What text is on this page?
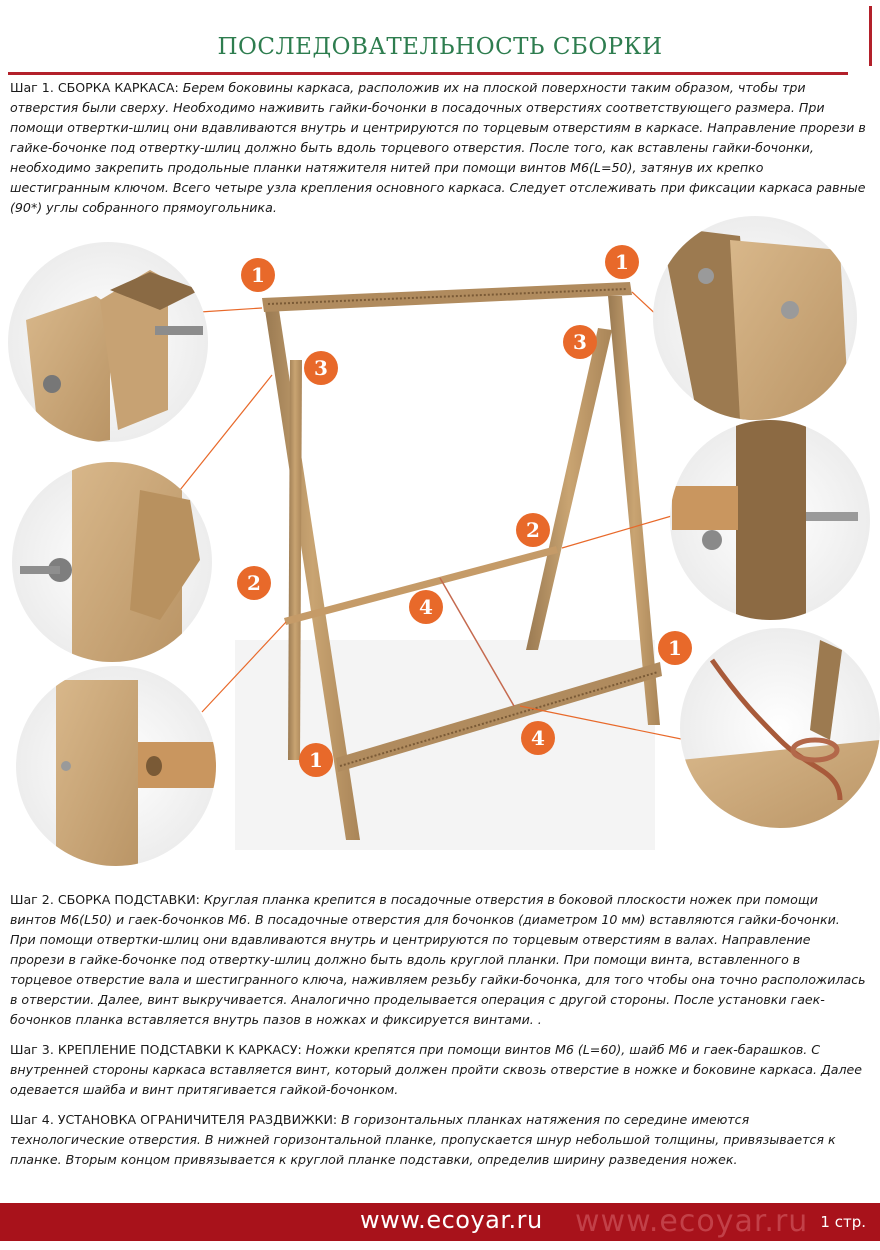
ПОСЛЕДОВАТЕЛЬНОСТЬ СБОРКИ
Шаг 1. СБОРКА КАРКАСА: Берем боковины каркаса, расположив их на плоской поверхности таким образом, чтобы три отверстия были сверху. Необходимо наживить гайки-бочонки в посадочных отверстиях соответствующего размера. При помощи отвертки-шлиц они вдавливаются внутрь и центрируются по торцевым отверстиям в каркасе. Направление прорези в гайке-бочонке под отвертку-шлиц должно быть вдоль торцевого отверстия. После того, как вставлены гайки-бочонки, необходимо закрепить продольные планки натяжителя нитей при помощи винтов М6(L=50), затянув их крепко шестигранным ключом. Всего четыре узла крепления основного каркаса. Следует отслеживать при фиксации каркаса равные (90*) углы собранного прямоугольника.
1
1
3
3
2
2
4
4
1
1
Шаг 2. СБОРКА ПОДСТАВКИ: Круглая планка крепится в посадочные отверстия в боковой плоскости ножек при помощи винтов М6(L50) и гаек-бочонков М6. В посадочные отверстия для бочонков (диаметром 10 мм) вставляются гайки-бочонки. При помощи отвертки-шлиц они вдавливаются внутрь и центрируются по торцевым отверстиям в валах. Направление прорези в гайке-бочонке под отвертку-шлиц должно быть вдоль круглой планки. При помощи винта, вставленного в торцевое отверстие вала и шестигранного ключа, наживляем резьбу гайки-бочонка, для того чтобы она точно расположилась в отверстии. Далее, винт выкручивается. Аналогично проделывается операция с другой стороны. После установки гаек-бочонков планка вставляется внутрь пазов в ножках и фиксируется винтами. .
Шаг 3. КРЕПЛЕНИЕ ПОДСТАВКИ К КАРКАСУ: Ножки крепятся при помощи винтов М6 (L=60), шайб М6 и гаек-барашков. С внутренней стороны каркаса вставляется винт, который должен пройти сквозь отверстие в ножке и боковине каркаса. Далее одевается шайба и винт притягивается гайкой-бочонком.
Шаг 4. УСТАНОВКА ОГРАНИЧИТЕЛЯ РАЗДВИЖКИ: В горизонтальных планках натяжения по середине имеются технологические отверстия. В нижней горизонтальной планке, пропускается шнур небольшой толщины, привязывается к планке. Вторым концом привязывается к круглой планке подставки, определив ширину разведения ножек.
www.ecoyar.ru www.ecoyar.ru 1 стр.
